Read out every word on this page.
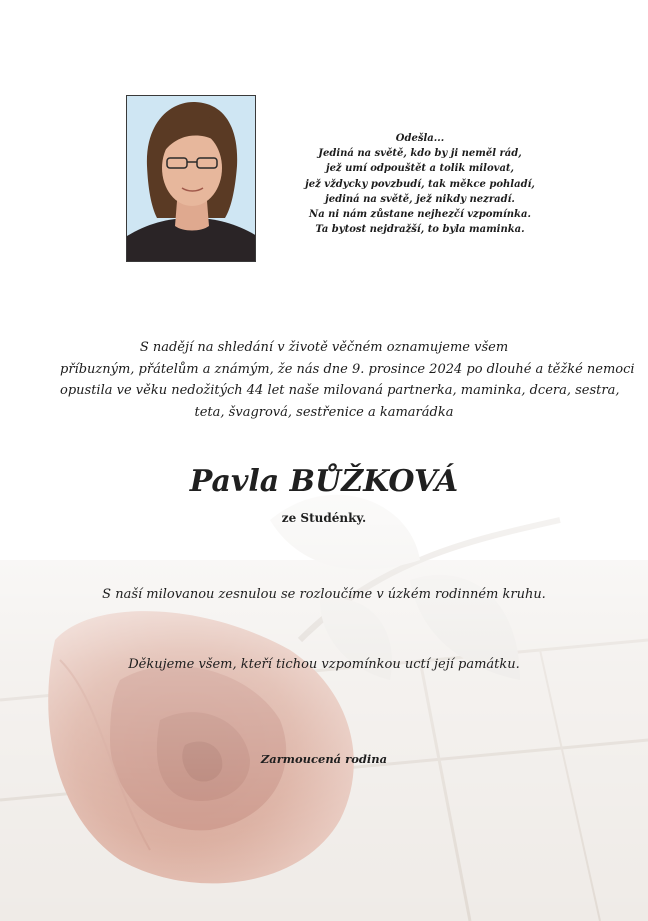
Odešla...
Jediná na světě, kdo by ji neměl rád,
jež umí odpouštět a tolik milovat,
jež vždycky povzbudí, tak měkce pohladí,
jediná na světě, jež nikdy nezradí.
Na ni nám zůstane nejhezčí vzpomínka.
Ta bytost nejdražší, to byla maminka.
S nadějí na shledání v životě věčném oznamujeme všem
příbuzným, přátelům a známým, že nás dne 9. prosince 2024 po dlouhé a těžké nemoci
opustila ve věku nedožitých 44 let naše milovaná partnerka, maminka, dcera, sestra,
teta, švagrová, sestřenice a kamarádka
Pavla BŮŽKOVÁ
ze Studénky.
S naší milovanou zesnulou se rozloučíme v úzkém rodinném kruhu.
Děkujeme všem, kteří tichou vzpomínkou uctí její památku.
Zarmoucená rodina
